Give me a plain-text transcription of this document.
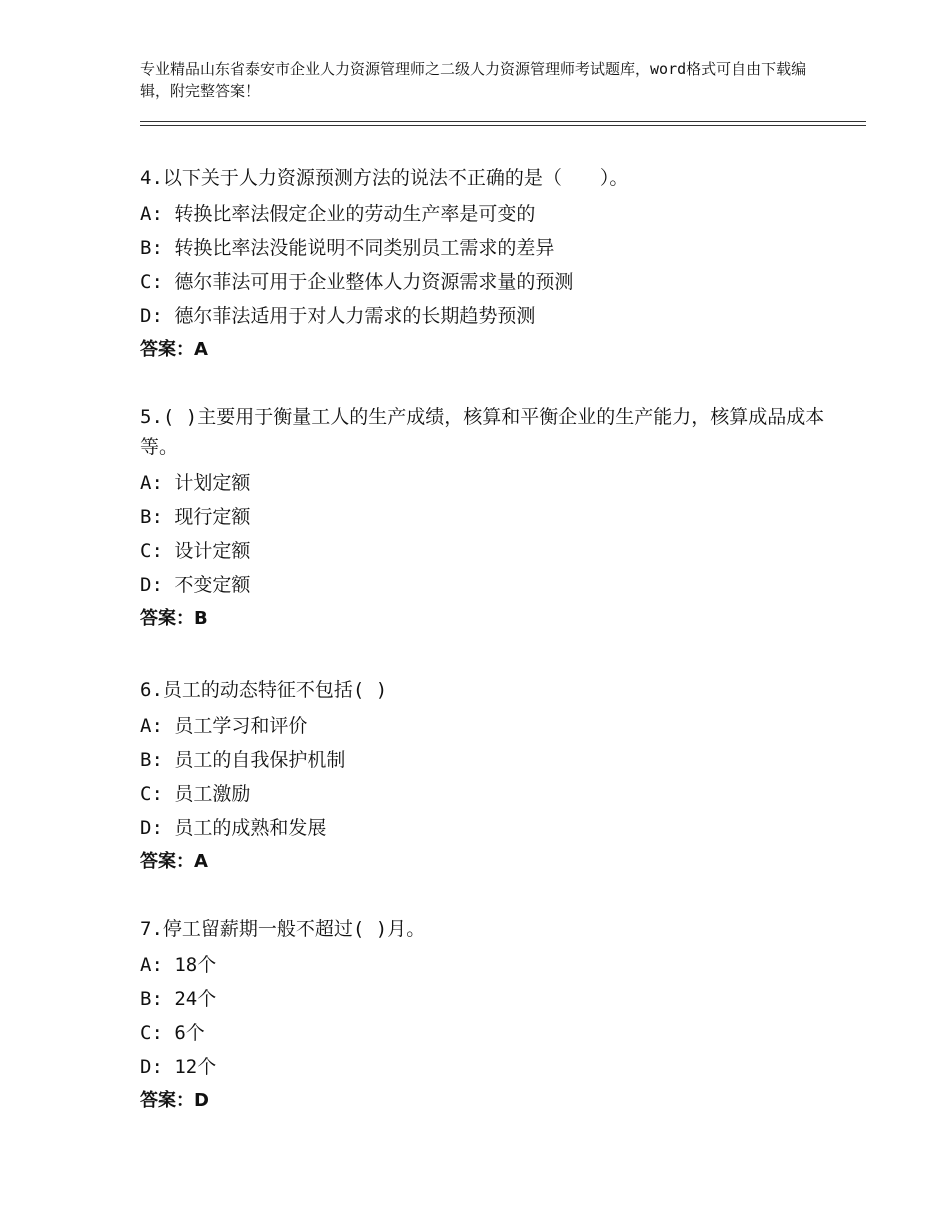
专业精品山东省泰安市企业人力资源管理师之二级人力资源管理师考试题库，word格式可自由下载编辑，附完整答案！
4.以下关于人力资源预测方法的说法不正确的是（　　）。
A: 转换比率法假定企业的劳动生产率是可变的
B: 转换比率法没能说明不同类别员工需求的差异
C: 德尔菲法可用于企业整体人力资源需求量的预测
D: 德尔菲法适用于对人力需求的长期趋势预测
答案：A
5.( )主要用于衡量工人的生产成绩，核算和平衡企业的生产能力，核算成品成本等。
A: 计划定额
B: 现行定额
C: 设计定额
D: 不变定额
答案：B
6.员工的动态特征不包括( )
A: 员工学习和评价
B: 员工的自我保护机制
C: 员工激励
D: 员工的成熟和发展
答案：A
7.停工留薪期一般不超过( )月。
A: 18个
B: 24个
C: 6个
D: 12个
答案：D
